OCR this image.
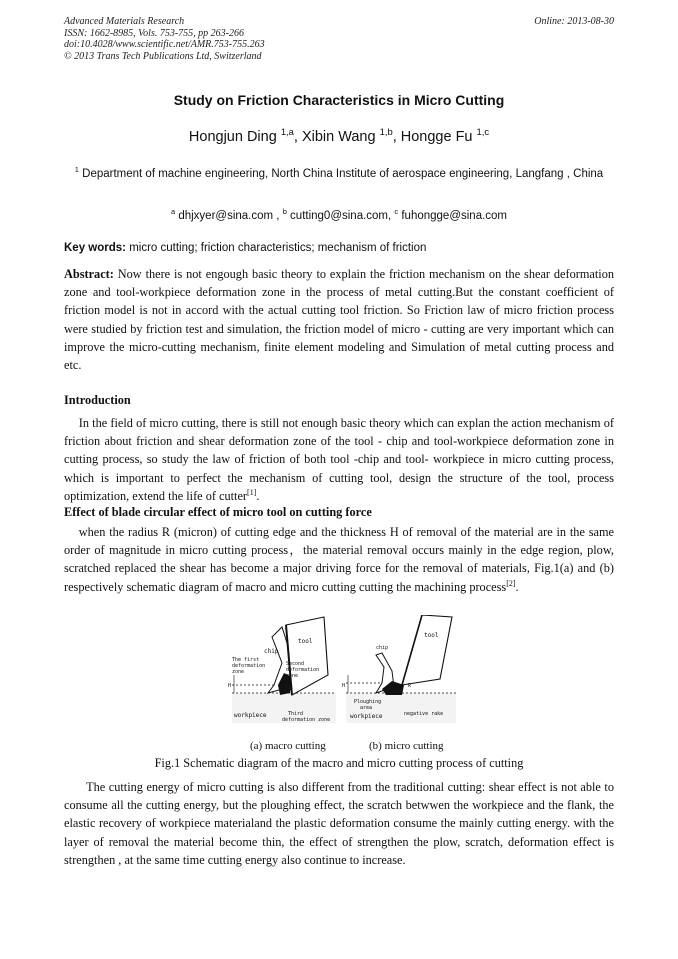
Advanced Materials Research
ISSN: 1662-8985, Vols. 753-755, pp 263-266
doi:10.4028/www.scientific.net/AMR.753-755.263
© 2013 Trans Tech Publications Ltd, Switzerland
Online: 2013-08-30
Study on Friction Characteristics in Micro Cutting
Hongjun Ding $^{1,a}$, Xibin Wang $^{1,b}$, Hongge Fu $^{1,c}$
$^1$ Department of machine engineering, North China Institute of aerospace engineering, Langfang , China
$^a$ dhjxyer@sina.com , $^b$ cutting0@sina.com, $^c$ fuhongge@sina.com
Key words: micro cutting; friction characteristics; mechanism of friction
Abstract: Now there is not engough basic theory to explain the friction mechanism on the shear deformation zone and tool-workpiece deformation zone in the process of metal cutting.But the constant coefficient of friction model is not in accord with the actual cutting tool friction. So Friction law of micro friction process were studied by friction test and simulation, the friction model of micro - cutting are very important which can improve the micro-cutting mechanism, finite element modeling and Simulation of metal cutting process and etc.
Introduction
In the field of micro cutting, there is still not enough basic theory which can explan the action mechanism of friction about friction and shear deformation zone of the tool - chip and tool-workpiece deformation zone in cutting process, so study the law of friction of both tool -chip and tool- workpiece in micro cutting process, which is important to perfect the mechanism of cutting tool, design the structure of the tool, process optimization, extend the life of cutter[1].
Effect of blade circular effect of micro tool on cutting force
when the radius R (micron) of cutting edge and the thickness H of removal of the material are in the same order of magnitude in micro cutting process，the material removal occurs mainly in the edge region, plow, scratched replaced the shear has become a major driving force for the removal of materials, Fig.1(a) and (b) respectively schematic diagram of macro and micro cutting cutting the machining process[2].
tool
chip
The first
deformation
zone
Second
deformation
zone
H
workpiece	Third
deformation zone
tool
chip
H	R
Ploughing
area
workpiece	negative rake
(a) macro cutting	(b) micro cutting
Fig.1 Schematic diagram of the macro and micro cutting process of cutting
The cutting energy of micro cutting is also different from the traditional cutting: shear effect is not able to consume all the cutting energy, but the ploughing effect, the scratch betwwen the workpiece and the flank, the elastic recovery of workpiece materialand the plastic deformation consume the mainly cutting energy. with the layer of removal the material become thin, the effect of strengthen the plow, scratch, deformation effect is strengthen , at the same time cutting energy also continue to increase.
